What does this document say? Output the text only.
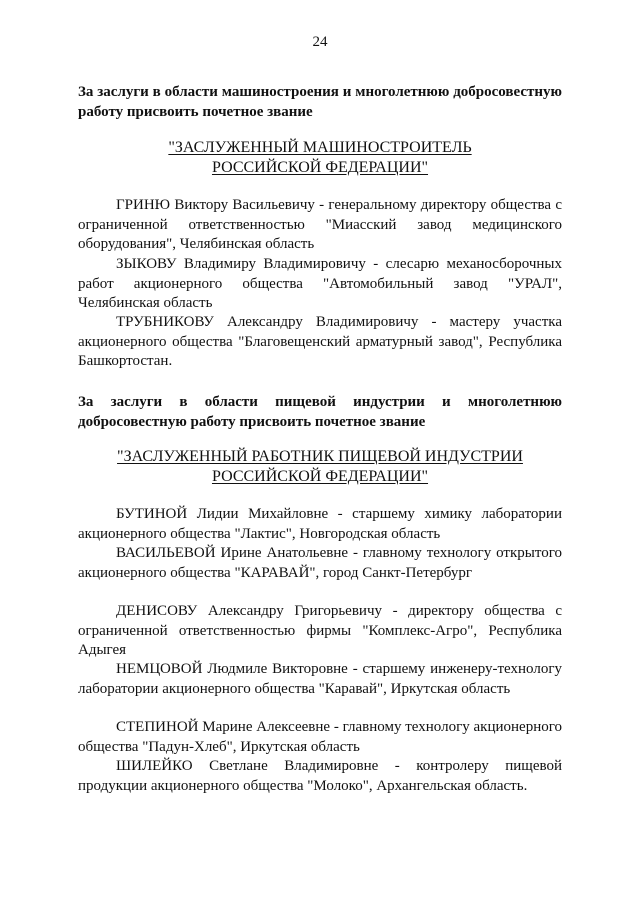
24
За заслуги в области машиностроения и многолетнюю добросовестную работу присвоить почетное звание
"ЗАСЛУЖЕННЫЙ МАШИНОСТРОИТЕЛЬ
РОССИЙСКОЙ ФЕДЕРАЦИИ"
ГРИНЮ Виктору Васильевичу - генеральному директору общества с ограниченной ответственностью "Миасский завод медицинского оборудования", Челябинская область
ЗЫКОВУ Владимиру Владимировичу - слесарю механосборочных работ акционерного общества "Автомобильный завод "УРАЛ", Челябинская область
ТРУБНИКОВУ Александру Владимировичу - мастеру участка акционерного общества "Благовещенский арматурный завод", Республика Башкортостан.
За заслуги в области пищевой индустрии и многолетнюю добросовестную работу присвоить почетное звание
"ЗАСЛУЖЕННЫЙ РАБОТНИК ПИЩЕВОЙ ИНДУСТРИИ
РОССИЙСКОЙ ФЕДЕРАЦИИ"
БУТИНОЙ Лидии Михайловне - старшему химику лаборатории акционерного общества "Лактис", Новгородская область
ВАСИЛЬЕВОЙ Ирине Анатольевне - главному технологу открытого акционерного общества "КАРАВАЙ", город Санкт-Петербург
ДЕНИСОВУ Александру Григорьевичу - директору общества с ограниченной ответственностью фирмы "Комплекс-Агро", Республика Адыгея
НЕМЦОВОЙ Людмиле Викторовне - старшему инженеру-технологу лаборатории акционерного общества "Каравай", Иркутская область
СТЕПИНОЙ Марине Алексеевне - главному технологу акционерного общества "Падун-Хлеб", Иркутская область
ШИЛЕЙКО Светлане Владимировне - контролеру пищевой продукции акционерного общества "Молоко", Архангельская область.
